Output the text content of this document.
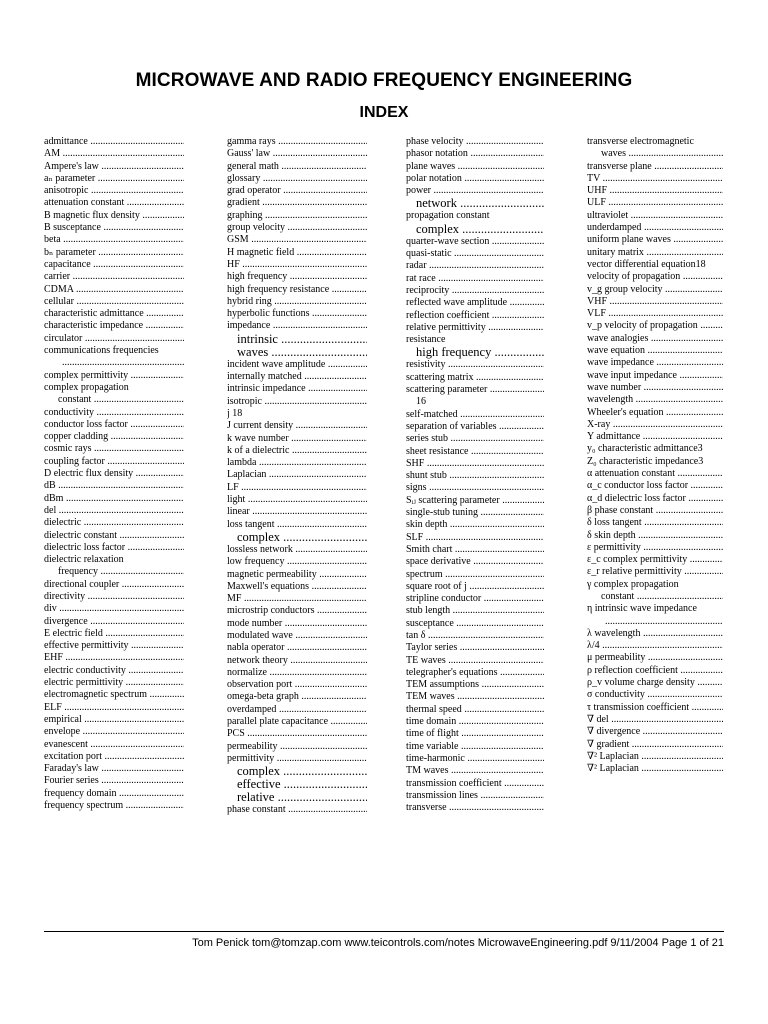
MICROWAVE AND RADIO FREQUENCY ENGINEERING
INDEX
admittance .....
AM .....
Ampere's law .....
aₙ parameter .....
anisotropic .....
attenuation constant .....
B magnetic flux density .....
B susceptance .....
beta .....
bₙ parameter .....
capacitance .....
carrier .....
CDMA .....
cellular .....
characteristic admittance .....
characteristic impedance .....
circulator .....
communications frequencies
.....
complex permittivity .....
complex propagation
constant .....
conductivity .....
conductor loss factor .....
copper cladding .....
cosmic rays .....
coupling factor .....
D electric flux density .....
dB .....
dBm .....
del .....
dielectric .....
dielectric constant .....
dielectric loss factor .....
dielectric relaxation
frequency .....
directional coupler .....
directivity .....
div .....
divergence .....
E electric field .....
effective permittivity .....
EHF .....
electric conductivity .....
electric permittivity .....
electromagnetic spectrum .....
ELF .....
empirical .....
envelope .....
evanescent .....
excitation port .....
Faraday's law .....
Fourier series .....
frequency domain .....
frequency spectrum .....
gamma rays .....
Gauss' law .....
general math .....
glossary .....
grad operator .....
gradient .....
graphing .....
group velocity .....
GSM .....
H magnetic field .....
HF .....
high frequency .....
high frequency resistance .....
hybrid ring .....
hyperbolic functions .....
impedance .....
intrinsic .....
waves .....
incident wave amplitude .....
internally matched .....
intrinsic impedance .....
isotropic .....
j 18
J current density .....
k wave number .....
k of a dielectric .....
lambda .....
Laplacian .....
LF .....
light .....
linear .....
loss tangent .....
complex .....
lossless network .....
low frequency .....
magnetic permeability .....
Maxwell's equations .....
MF .....
microstrip conductors .....
mode number .....
modulated wave .....
nabla operator .....
network theory .....
normalize .....
observation port .....
omega-beta graph .....
overdamped .....
parallel plate capacitance .....
PCS .....
permeability .....
permittivity .....
complex .....
effective .....
relative .....
phase constant .....
phase velocity .....
phasor notation .....
plane waves .....
polar notation .....
power .....
network .....
propagation constant
complex .....
quarter-wave section .....
quasi-static .....
radar .....
rat race .....
reciprocity .....
reflected wave amplitude .....
reflection coefficient .....
relative permittivity .....
resistance
high frequency .....
resistivity .....
scattering matrix .....
scattering parameter .....
16
self-matched .....
separation of variables .....
series stub .....
sheet resistance .....
SHF .....
shunt stub .....
signs .....
Sᵢⱼ scattering parameter .....
single-stub tuning .....
skin depth .....
SLF .....
Smith chart .....
space derivative .....
spectrum .....
square root of j .....
stripline conductor .....
stub length .....
susceptance .....
tan δ .....
Taylor series .....
TE waves .....
telegrapher's equations .....
TEM assumptions .....
TEM waves .....
thermal speed .....
time domain .....
time of flight .....
time variable .....
time-harmonic .....
TM waves .....
transmission coefficient .....
transmission lines .....
transverse .....
transverse electromagnetic
waves .....
transverse plane .....
TV .....
UHF .....
ULF .....
ultraviolet .....
underdamped .....
uniform plane waves .....
unitary matrix .....
vector differential equation18
velocity of propagation .....
v_g group velocity .....
VHF .....
VLF .....
v_p velocity of propagation .....
wave analogies .....
wave equation .....
wave impedance .....
wave input impedance .....
wave number .....
wavelength .....
Wheeler's equation .....
X-ray .....
Y admittance .....
y₀ characteristic admittance3
Z₀ characteristic impedance3
α attenuation constant .....
α_c conductor loss factor .....
α_d dielectric loss factor .....
β phase constant .....
δ loss tangent .....
δ skin depth .....
ε permittivity .....
ε_c complex permittivity .....
ε_r relative permittivity .....
γ complex propagation
constant .....
η intrinsic wave impedance
.....
λ wavelength .....
λ/4 .....
μ permeability .....
ρ reflection coefficient .....
ρ_v volume charge density .....
σ conductivity .....
τ transmission coefficient .....
∇ del .....
∇ divergence .....
∇ gradient .....
∇² Laplacian .....
∇² Laplacian .....
Tom Penick tom@tomzap.com www.teicontrols.com/notes MicrowaveEngineering.pdf 9/11/2004 Page 1 of 21
